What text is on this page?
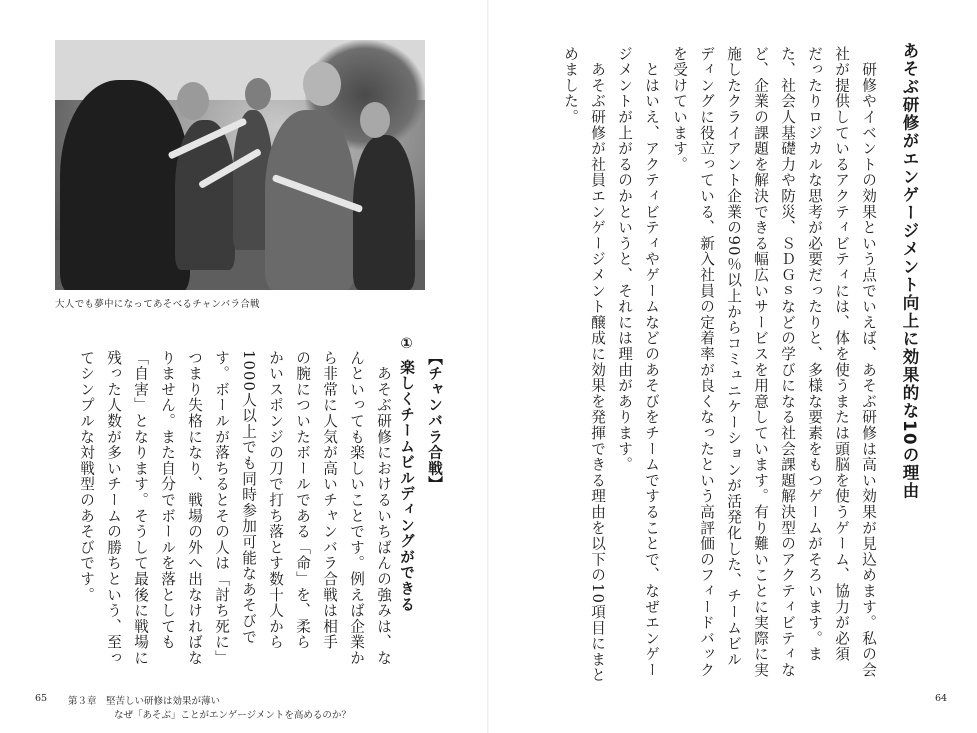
大人でも夢中になってあそべるチャンバラ合戦
① 楽しくチームビルディングができる 【チャンバラ合戦】
　あそぶ研修におけるいちばんの強みは、な
んといっても楽しいことです。例えば企業か
ら非常に人気が高いチャンバラ合戦は相手
の腕についたボールである「命」を、柔ら
かいスポンジの刀で打ち落とす数十人から
1000人以上でも同時参加可能なあそびで
す。ボールが落ちるとその人は「討ち死に」
つまり失格になり、戦場の外へ出なければな
りません。また自分でボールを落としても
「自害」となります。そうして最後に戦場に
残った人数が多いチームの勝ちという、至っ
てシンプルな対戦型のあそびです。
65 第３章　堅苦しい研修は効果が薄い
なぜ「あそぶ」ことがエンゲージメントを高めるのか？
あそぶ研修がエンゲージメント向上に効果的な10の理由
　研修やイベントの効果という点でいえば、あそぶ研修は高い効果が見込めます。私の会
社が提供しているアクティビティには、体を使うまたは頭脳を使うゲーム、協力が必須
だったりロジカルな思考が必要だったりと、多様な要素をもつゲームがそろいます。ま
た、社会人基礎力や防災、ＳＤＧｓなどの学びになる社会課題解決型のアクティビティな
ど、企業の課題を解決できる幅広いサービスを用意しています。有り難いことに実際に実
施したクライアント企業の90％以上からコミュニケーションが活発化した、チームビル
ディングに役立っている、新入社員の定着率が良くなったという高評価のフィードバック
を受けています。
　とはいえ、アクティビティやゲームなどのあそびをチームですることで、なぜエンゲー
ジメントが上がるのかというと、それには理由があります。
　あそぶ研修が社員エンゲージメント醸成に効果を発揮できる理由を以下の10項目にまと
めました。
64
